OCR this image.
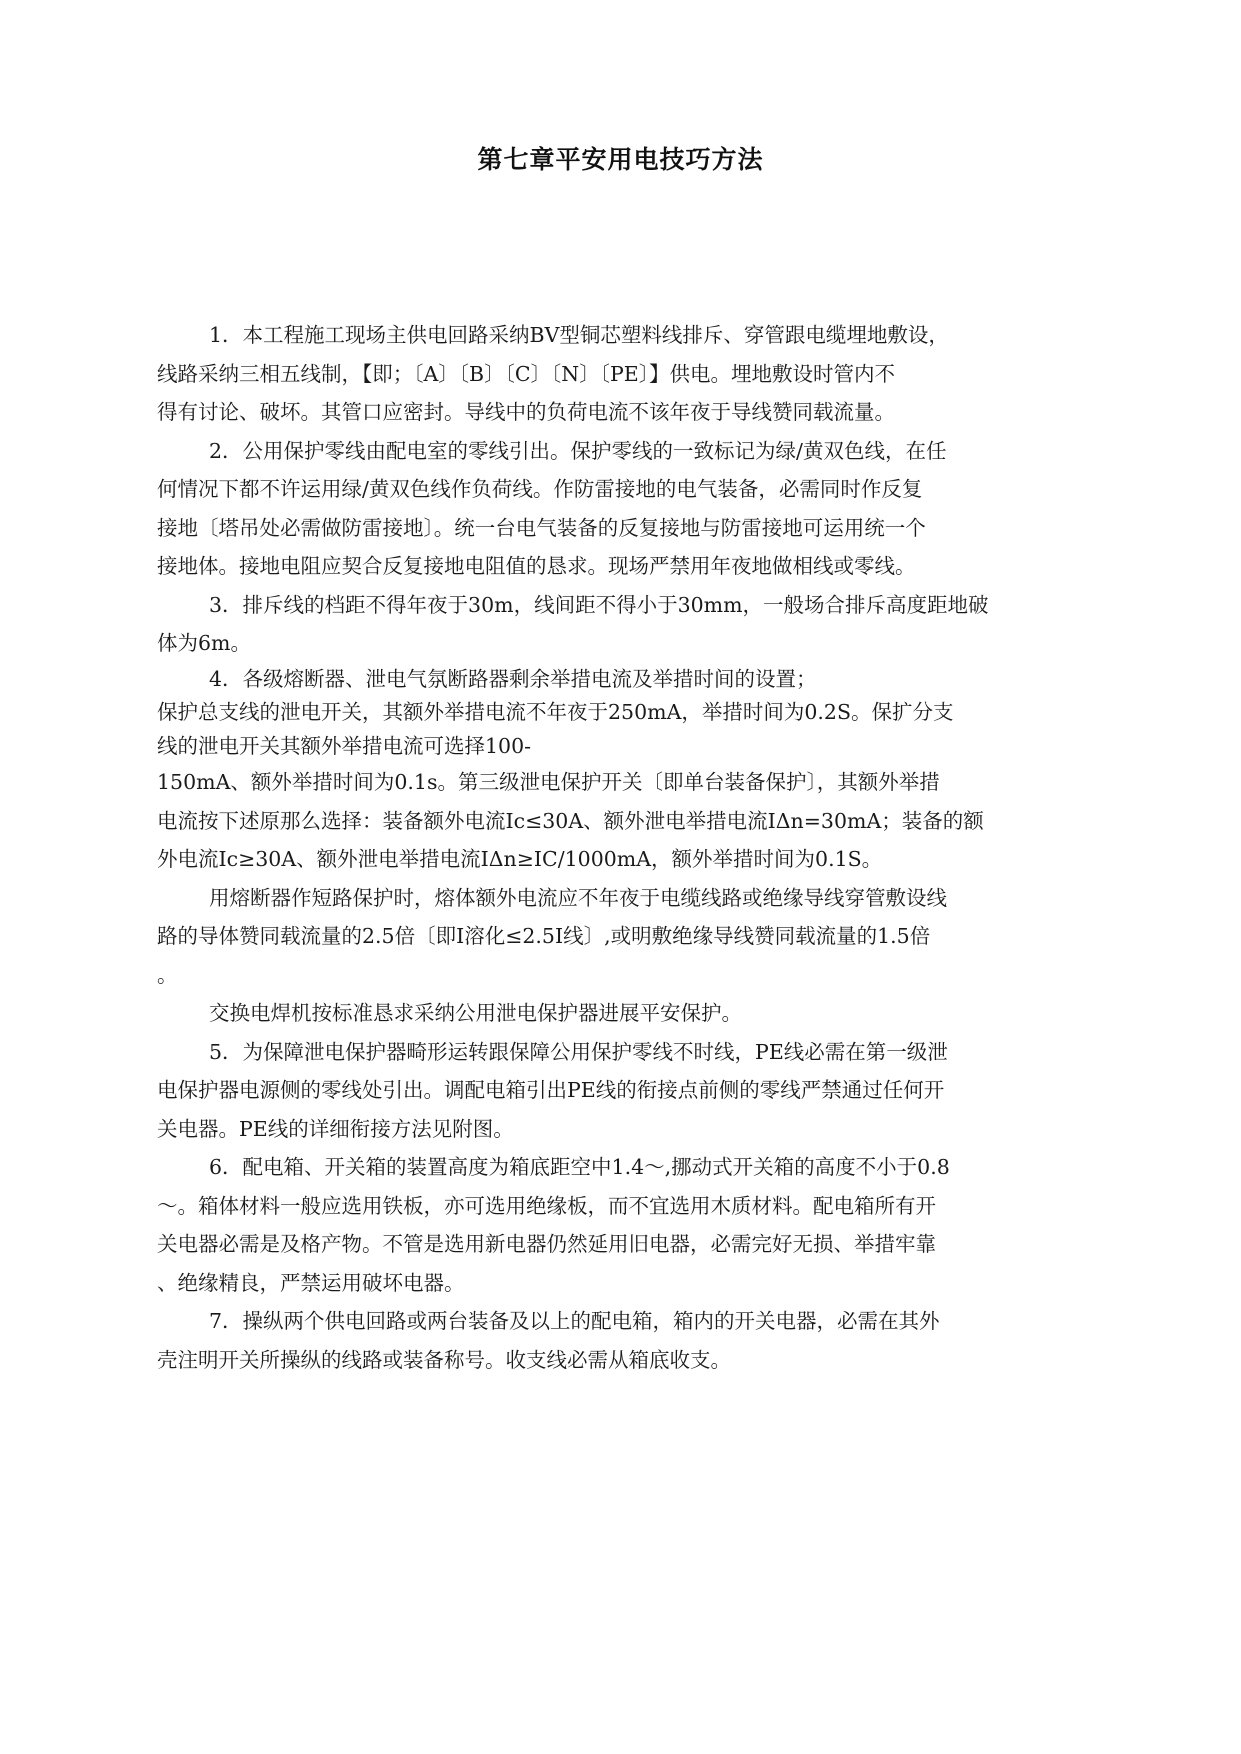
第七章平安用电技巧方法
1．本工程施工现场主供电回路采纳BV型铜芯塑料线排斥、穿管跟电缆埋地敷设，
线路采纳三相五线制，【即；〔A〕〔B〕〔C〕〔N〕〔PE〕】供电。埋地敷设时管内不
得有讨论、破坏。其管口应密封。导线中的负荷电流不该年夜于导线赞同载流量。
2．公用保护零线由配电室的零线引出。保护零线的一致标记为绿/黄双色线，在任
何情况下都不许运用绿/黄双色线作负荷线。作防雷接地的电气装备，必需同时作反复
接地〔塔吊处必需做防雷接地〕。统一台电气装备的反复接地与防雷接地可运用统一个
接地体。接地电阻应契合反复接地电阻值的恳求。现场严禁用年夜地做相线或零线。
3．排斥线的档距不得年夜于30m，线间距不得小于30mm，一般场合排斥高度距地破
体为6m。
4．各级熔断器、泄电气氛断路器剩余举措电流及举措时间的设置；
保护总支线的泄电开关，其额外举措电流不年夜于250mA，举措时间为0.2S。保扩分支
线的泄电开关其额外举措电流可选择100-
150mA、额外举措时间为0.1s。第三级泄电保护开关〔即单台装备保护〕，其额外举措
电流按下述原那么选择：装备额外电流Ic≤30A、额外泄电举措电流IΔn=30mA；装备的额
外电流Ic≥30A、额外泄电举措电流IΔn≥IC/1000mA，额外举措时间为0.1S。
用熔断器作短路保护时，熔体额外电流应不年夜于电缆线路或绝缘导线穿管敷设线
路的导体赞同载流量的2.5倍〔即I溶化≤2.5I线〕,或明敷绝缘导线赞同载流量的1.5倍
。
交换电焊机按标准恳求采纳公用泄电保护器进展平安保护。
5．为保障泄电保护器畸形运转跟保障公用保护零线不时线，PE线必需在第一级泄
电保护器电源侧的零线处引出。调配电箱引出PE线的衔接点前侧的零线严禁通过任何开
关电器。PE线的详细衔接方法见附图。
6．配电箱、开关箱的装置高度为箱底距空中1.4～,挪动式开关箱的高度不小于0.8
～。箱体材料一般应选用铁板，亦可选用绝缘板，而不宜选用木质材料。配电箱所有开
关电器必需是及格产物。不管是选用新电器仍然延用旧电器，必需完好无损、举措牢靠
、绝缘精良，严禁运用破坏电器。
7．操纵两个供电回路或两台装备及以上的配电箱，箱内的开关电器，必需在其外
壳注明开关所操纵的线路或装备称号。收支线必需从箱底收支。
